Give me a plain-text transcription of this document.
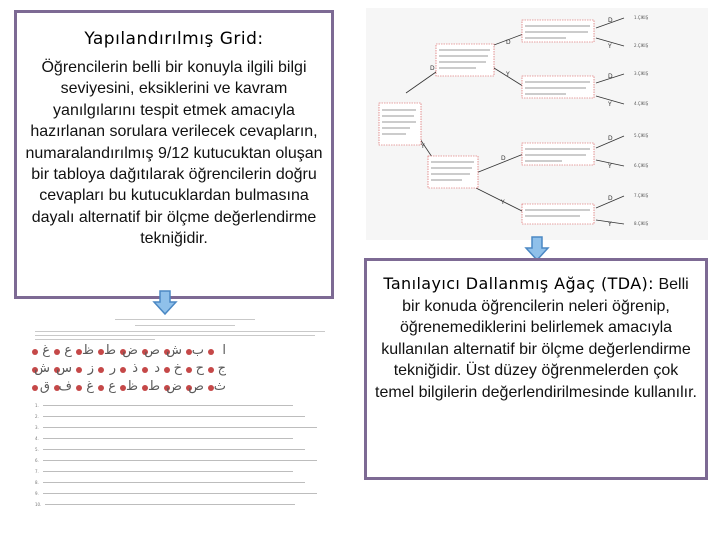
D
Y
D
Y
D
Y
D
Y
D
Y
D
Y
D
Y
1.ÇIKIŞ
2.ÇIKIŞ
3.ÇIKIŞ
4.ÇIKIŞ
5.ÇIKIŞ
6.ÇIKIŞ
7.ÇIKIŞ
8.ÇIKIŞ
Yapılandırılmış Grid:
Öğrencilerin belli bir konuyla ilgili bilgi seviyesini, eksiklerini ve kavram yanılgılarını tespit etmek amacıyla hazırlanan sorulara verilecek cevapların, numaralandırılmış 9/12 kutucuktan oluşan bir tabloya dağıtılarak öğrencilerin doğru cevapları bu kutucuklardan bulmasına dayalı alternatif bir ölçme değerlendirme tekniğidir.
غ ع ظ ط ض ص ش ب ا
ش س ز ر ذ د خ ح ج
ق ف غ ع ظ ط ض ص ث
1.
2.
3.
4.
5.
6.
7.
8.
9.
10.
Tanılayıcı Dallanmış Ağaç (TDA): Belli bir konuda öğrencilerin neleri öğrenip, öğrenemediklerini belirlemek amacıyla kullanılan alternatif bir ölçme değerlendirme tekniğidir. Üst düzey öğrenmelerden çok temel bilgilerin değerlendirilmesinde kullanılır.
